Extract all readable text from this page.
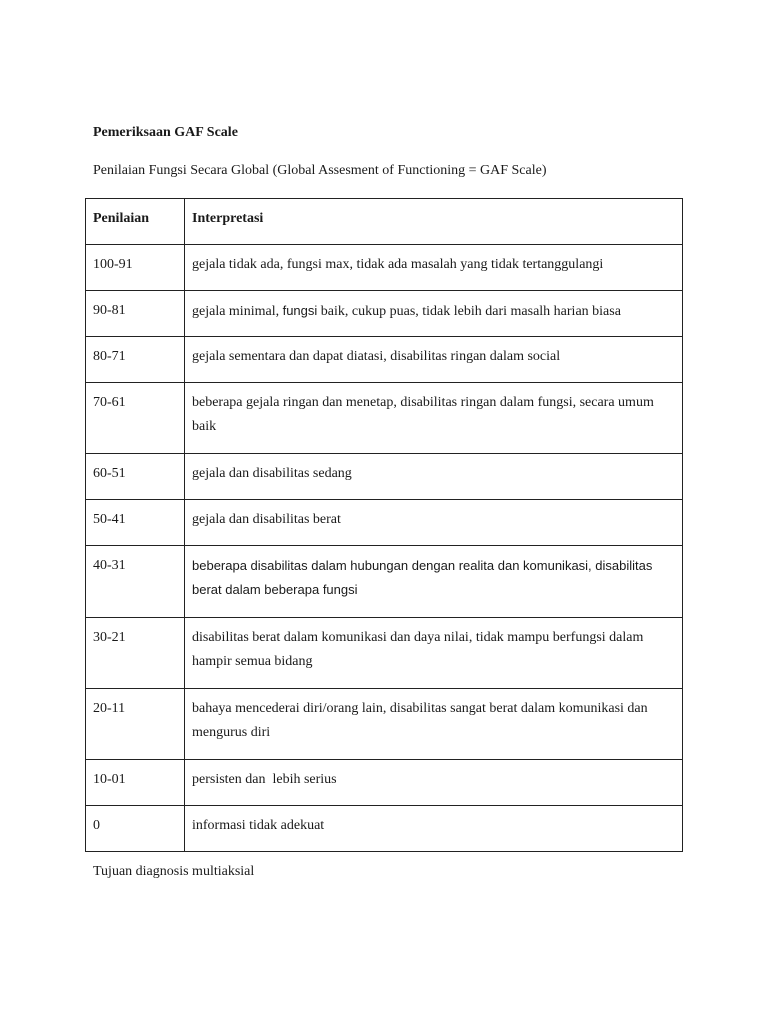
Pemeriksaan GAF Scale

Penilaian Fungsi Secara Global (Global Assesment of Functioning = GAF Scale)

Penilaian	Interpretasi
100-91	gejala tidak ada, fungsi max, tidak ada masalah yang tidak tertanggulangi
90-81	gejala minimal, fungsi baik, cukup puas, tidak lebih dari masalh harian biasa
80-71	gejala sementara dan dapat diatasi, disabilitas ringan dalam social
70-61	beberapa gejala ringan dan menetap, disabilitas ringan dalam fungsi, secara umum baik
60-51	gejala dan disabilitas sedang
50-41	gejala dan disabilitas berat
40-31	beberapa disabilitas dalam hubungan dengan realita dan komunikasi, disabilitas berat dalam beberapa fungsi
30-21	disabilitas berat dalam komunikasi dan daya nilai, tidak mampu berfungsi dalam hampir semua bidang
20-11	bahaya mencederai diri/orang lain, disabilitas sangat berat dalam komunikasi dan mengurus diri
10-01	persisten dan  lebih serius
0	informasi tidak adekuat

Tujuan diagnosis multiaksial
